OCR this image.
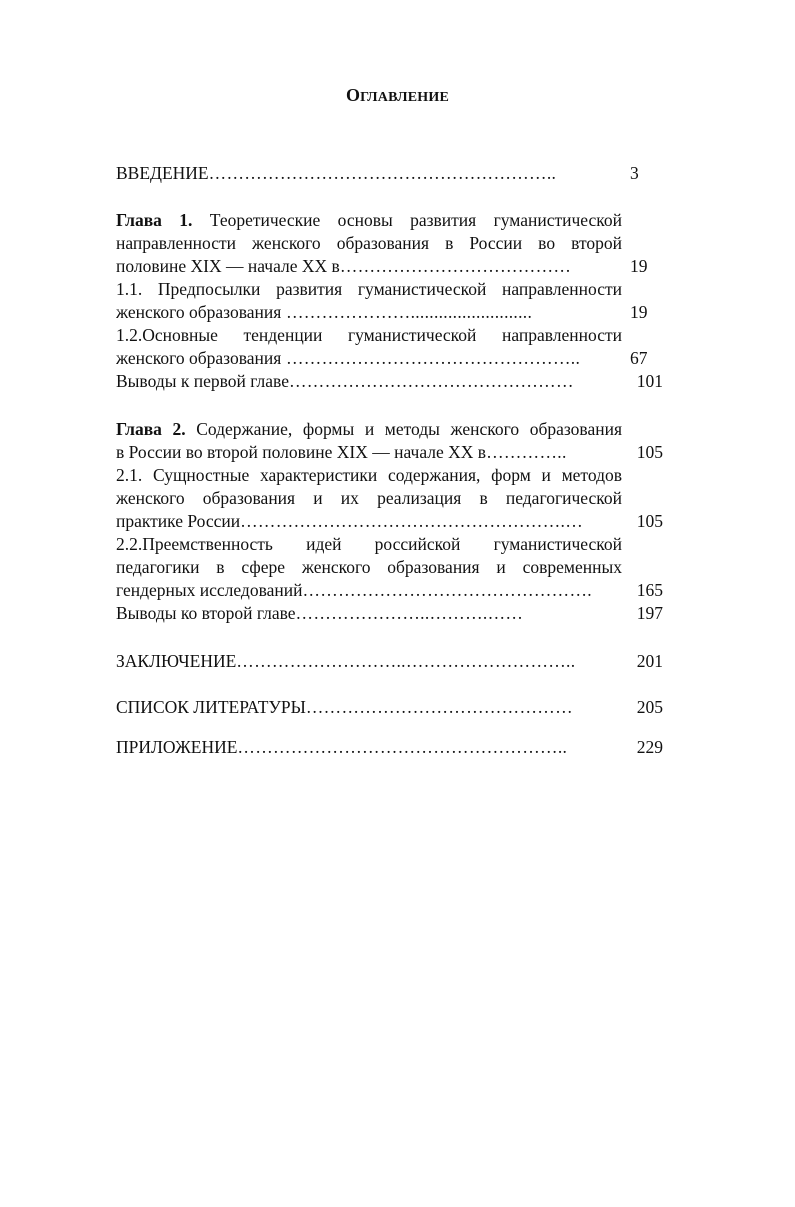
ОГЛАВЛЕНИЕ
ВВЕДЕНИЕ…………………………………………………..	3
Глава 1. Теоретические основы развития гуманистической
направленности женского образования в России во второй
половине XIX — начале XX в…………………………………	19
1.1. Предпосылки развития гуманистической направленности
женского образования …………………..........................	19
1.2.Основные тенденции гуманистической направленности
женского образования …………………………………………..	67
Выводы к первой главе…………………………………………	101
Глава 2. Содержание, формы и методы женского образования
в России во второй половине XIX — начале XX в…………..	105
2.1. Сущностные характеристики содержания, форм и методов
женского образования и их реализация в педагогической
практике России……………………………………………….…	105
2.2.Преемственность идей российской гуманистической
педагогики в сфере женского образования и современных
гендерных исследований………………………………………….	165
Выводы ко второй главе…………………..……….……	197
ЗАКЛЮЧЕНИЕ………………………..………………………..	201
СПИСОК ЛИТЕРАТУРЫ………………………………………	205
ПРИЛОЖЕНИЕ………………………………………………..	229
